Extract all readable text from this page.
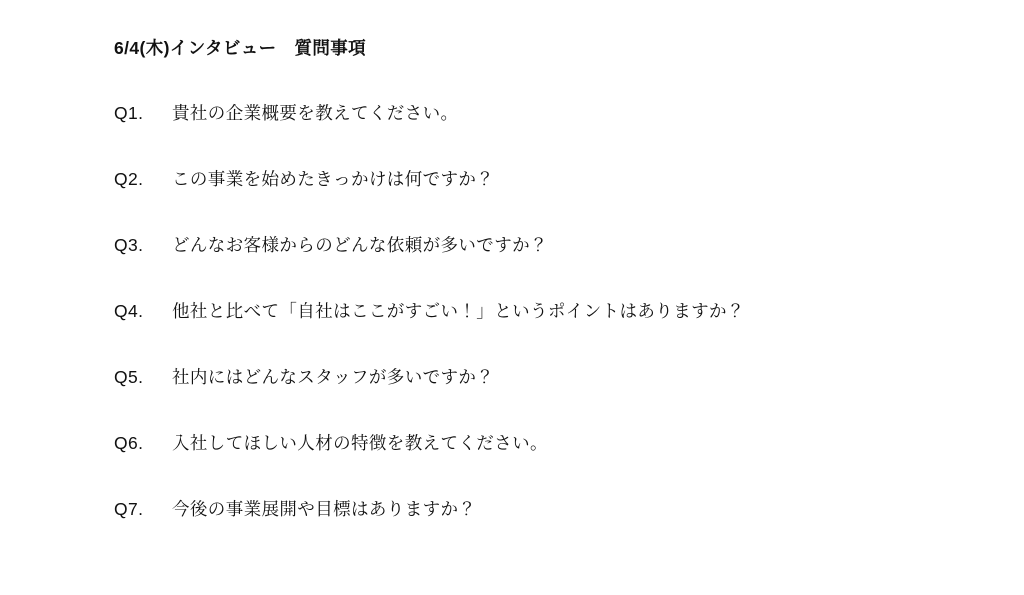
6/4(木)インタビュー　質問事項
Q1.	貴社の企業概要を教えてください。
Q2.	この事業を始めたきっかけは何ですか？
Q3.	どんなお客様からのどんな依頼が多いですか？
Q4.	他社と比べて「自社はここがすごい！」というポイントはありますか？
Q5.	社内にはどんなスタッフが多いですか？
Q6.	入社してほしい人材の特徴を教えてください。
Q7.	今後の事業展開や目標はありますか？
